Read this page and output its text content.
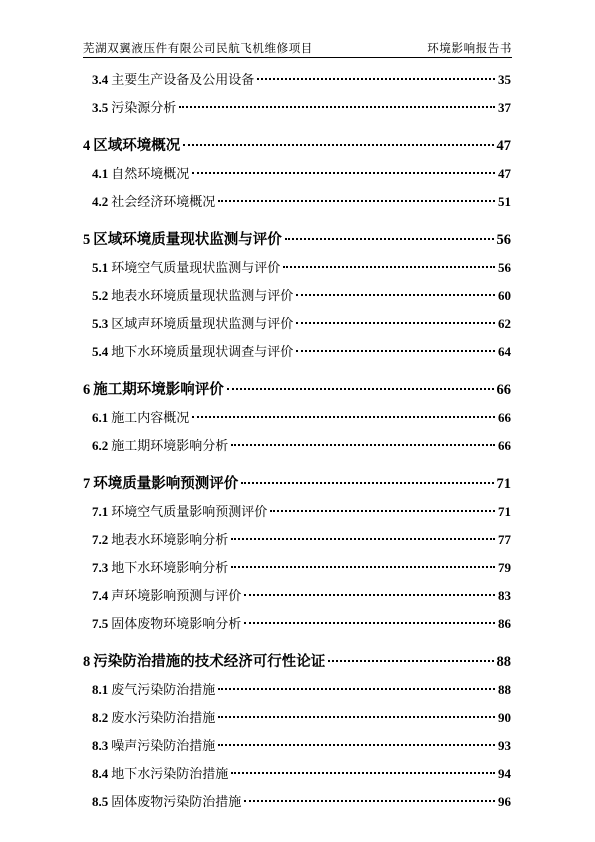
芜湖双翼液压件有限公司民航飞机维修项目	环境影响报告书
3.4 主要生产设备及公用设备	35
3.5 污染源分析	37
4 区域环境概况	47
4.1 自然环境概况	47
4.2 社会经济环境概况	51
5 区域环境质量现状监测与评价	56
5.1 环境空气质量现状监测与评价	56
5.2 地表水环境质量现状监测与评价	60
5.3 区域声环境质量现状监测与评价	62
5.4 地下水环境质量现状调查与评价	64
6 施工期环境影响评价	66
6.1 施工内容概况	66
6.2 施工期环境影响分析	66
7 环境质量影响预测评价	71
7.1 环境空气质量影响预测评价	71
7.2 地表水环境影响分析	77
7.3 地下水环境影响分析	79
7.4 声环境影响预测与评价	83
7.5 固体废物环境影响分析	86
8 污染防治措施的技术经济可行性论证	88
8.1 废气污染防治措施	88
8.2 废水污染防治措施	90
8.3 噪声污染防治措施	93
8.4 地下水污染防治措施	94
8.5 固体废物污染防治措施	96
